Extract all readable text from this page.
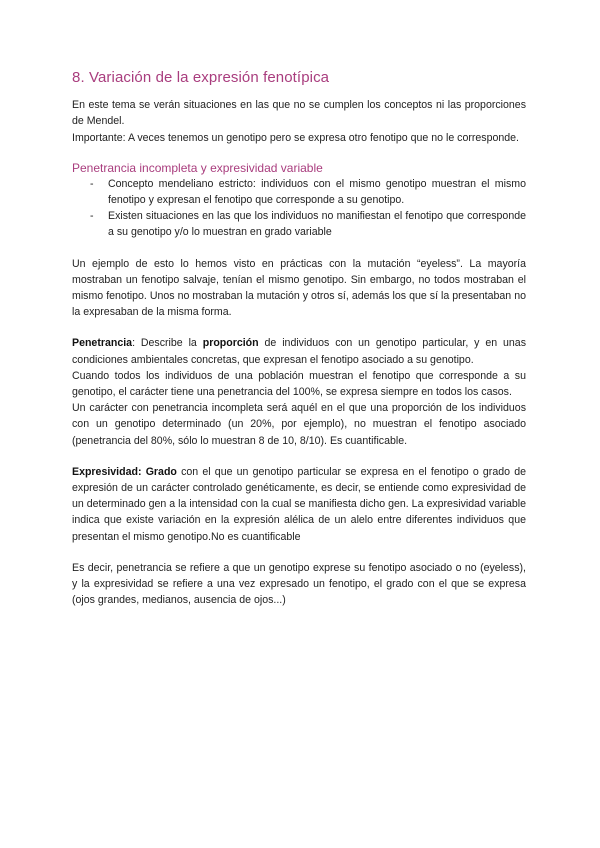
8. Variación de la expresión fenotípica

En este tema se verán situaciones en las que no se cumplen los conceptos ni las proporciones de Mendel.

Importante: A veces tenemos un genotipo pero se expresa otro fenotipo que no le corresponde.

Penetrancia incompleta y expresividad variable
- Concepto mendeliano estricto: individuos con el mismo genotipo muestran el mismo fenotipo y expresan el fenotipo que corresponde a su genotipo.
- Existen situaciones en las que los individuos no manifiestan el fenotipo que corresponde a su genotipo y/o lo muestran en grado variable

Un ejemplo de esto lo hemos visto en prácticas con la mutación “eyeless”. La mayoría mostraban un fenotipo salvaje, tenían el mismo genotipo. Sin embargo, no todos mostraban el mismo fenotipo. Unos no mostraban la mutación y otros sí, además los que sí la presentaban no la expresaban de la misma forma.

Penetrancia: Describe la proporción de individuos con un genotipo particular, y en unas condiciones ambientales concretas, que expresan el fenotipo asociado a su genotipo.

Cuando todos los individuos de una población muestran el fenotipo que corresponde a su genotipo, el carácter tiene una penetrancia del 100%, se expresa siempre en todos los casos.

Un carácter con penetrancia incompleta será aquél en el que una proporción de los individuos con un genotipo determinado (un 20%, por ejemplo), no muestran el fenotipo asociado (penetrancia del 80%, sólo lo muestran 8 de 10, 8/10). Es cuantificable.

Expresividad: Grado con el que un genotipo particular se expresa en el fenotipo o grado de expresión de un carácter controlado genéticamente, es decir, se entiende como expresividad de un determinado gen a la intensidad con la cual se manifiesta dicho gen. La expresividad variable indica que existe variación en la expresión alélica de un alelo entre diferentes individuos que presentan el mismo genotipo.No es cuantificable

Es decir, penetrancia se refiere a que un genotipo exprese su fenotipo asociado o no (eyeless), y la expresividad se refiere a una vez expresado un fenotipo, el grado con el que se expresa (ojos grandes, medianos, ausencia de ojos...)
